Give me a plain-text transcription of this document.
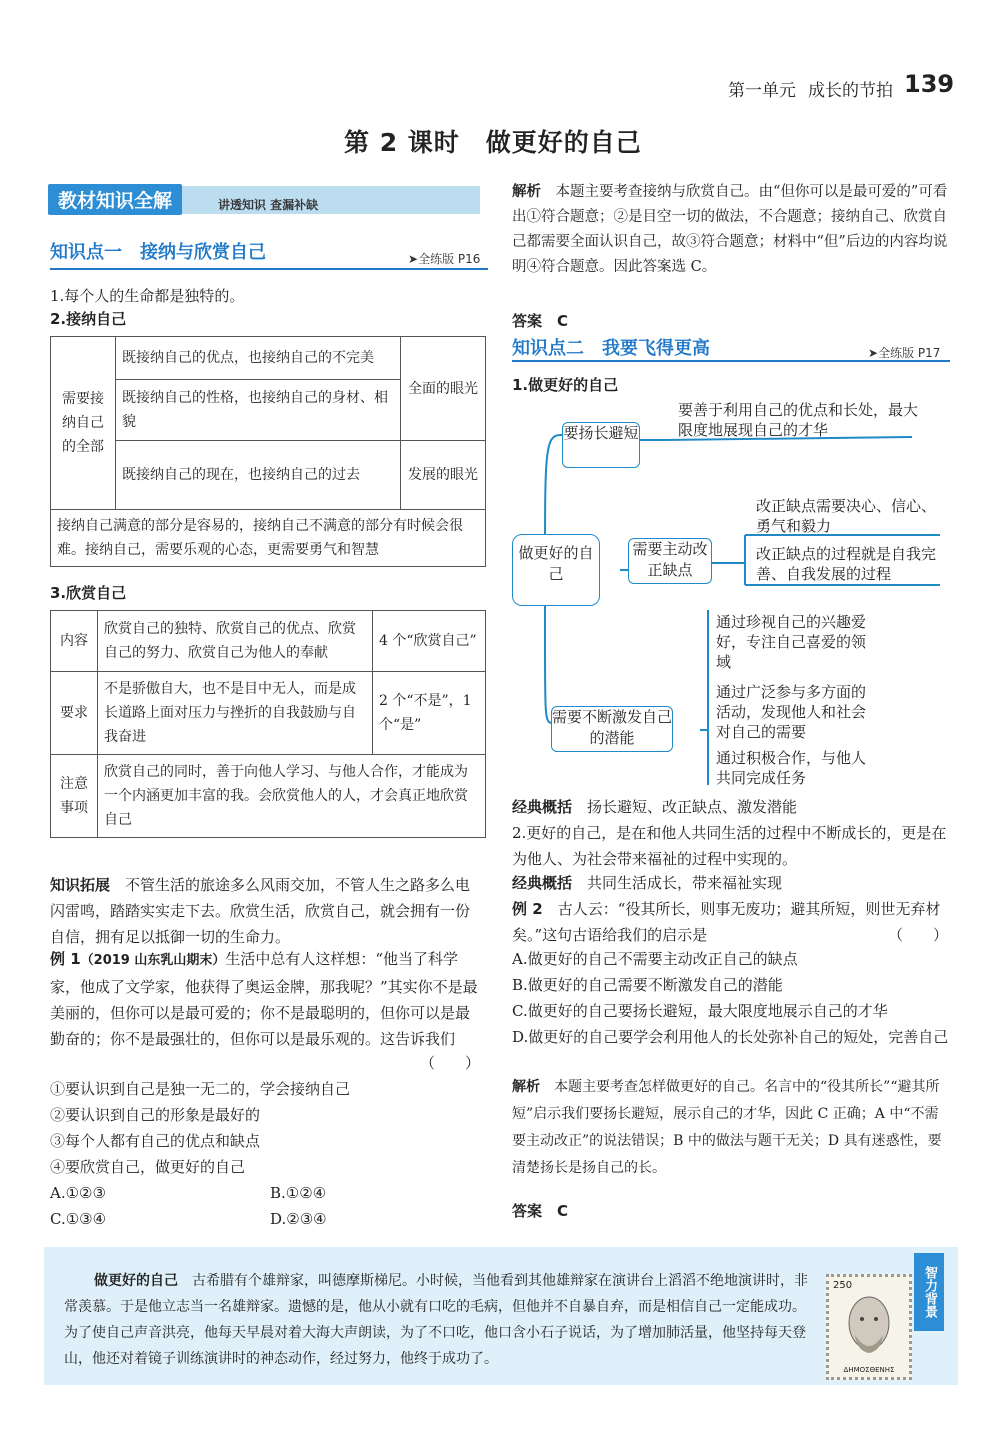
第一单元 成长的节拍 139
第 2 课时　做更好的自己
教材知识全解	讲透知识 查漏补缺
知识点一　接纳与欣赏自己	➤全练版 P16
1.每个人的生命都是独特的。
2.接纳自己
需要接纳自己的全部	既接纳自己的优点，也接纳自己的不完美	全面的眼光
	既接纳自己的性格，也接纳自己的身材、相貌	
	既接纳自己的现在，也接纳自己的过去	发展的眼光
接纳自己满意的部分是容易的，接纳自己不满意的部分有时候会很难。接纳自己，需要乐观的心态，更需要勇气和智慧		
3.欣赏自己
内容	欣赏自己的独特、欣赏自己的优点、欣赏自己的努力、欣赏自己为他人的奉献	4 个“欣赏自己”
要求	不是骄傲自大，也不是目中无人，而是成长道路上面对压力与挫折的自我鼓励与自我奋进	2 个“不是”，1 个“是”
注意事项	欣赏自己的同时，善于向他人学习、与他人合作，才能成为一个内涵更加丰富的我。会欣赏他人的人，才会真正地欣赏自己	
知识拓展　 不管生活的旅途多么风雨交加，不管人生之路多么电闪雷鸣，踏踏实实走下去。欣赏生活，欣赏自己，就会拥有一份自信，拥有足以抵御一切的生命力。
例 1（2019 山东乳山期末）生活中总有人这样想：“他当了科学家，他成了文学家，他获得了奥运金牌，那我呢？”其实你不是最美丽的，但你可以是最可爱的；你不是最聪明的，但你可以是最勤奋的；你不是最强壮的，但你可以是最乐观的。这告诉我们
（　　）
①要认识到自己是独一无二的，学会接纳自己
②要认识到自己的形象是最好的
③每个人都有自己的优点和缺点
④要欣赏自己，做更好的自己
A.①②③	B.①②④
C.①③④	D.②③④
解析　 本题主要考查接纳与欣赏自己。由“但你可以是最可爱的”可看出①符合题意；②是目空一切的做法，不合题意；接纳自己、欣赏自己都需要全面认识自己，故③符合题意；材料中“但”后边的内容均说明④符合题意。因此答案选 C。
答案　 C
知识点二　我要飞得更高	➤全练版 P17
1.做更好的自己
做更好的自己
要扬长避短
要善于利用自己的优点和长处，最大限度地展现自己的才华
需要主动改正缺点
改正缺点需要决心、信心、勇气和毅力
改正缺点的过程就是自我完善、自我发展的过程
需要不断激发自己的潜能
通过珍视自己的兴趣爱好，专注自己喜爱的领域
通过广泛参与多方面的活动，发现他人和社会对自己的需要
通过积极合作，与他人共同完成任务
经典概括　 扬长避短、改正缺点、激发潜能
2.更好的自己，是在和他人共同生活的过程中不断成长的，更是在为他人、为社会带来福祉的过程中实现的。
经典概括　 共同生活成长，带来福祉实现
例 2　 古人云：“役其所长，则事无废功；避其所短，则世无弃材矣。”这句古语给我们的启示是	（　　）
A.做更好的自己不需要主动改正自己的缺点
B.做更好的自己需要不断激发自己的潜能
C.做更好的自己要扬长避短，最大限度地展示自己的才华
D.做更好的自己要学会利用他人的长处弥补自己的短处，完善自己
解析　 本题主要考查怎样做更好的自己。名言中的“役其所长”“避其所短”启示我们要扬长避短，展示自己的才华，因此 C 正确；A 中“不需要主动改正”的说法错误；B 中的做法与题干无关；D 具有迷惑性，要清楚扬长是扬自己的长。
答案　 C
做更好的自己　 古希腊有个雄辩家，叫德摩斯梯尼。小时候，当他看到其他雄辩家在演讲台上滔滔不绝地演讲时，非常羡慕。于是他立志当一名雄辩家。遗憾的是，他从小就有口吃的毛病，但他并不自暴自弃，而是相信自己一定能成功。为了使自己声音洪亮，他每天早晨对着大海大声朗读，为了不口吃，他口含小石子说话，为了增加肺活量，他坚持每天登山，他还对着镜子训练演讲时的神态动作，经过努力，他终于成功了。
250
ΔΗΜΟΣΘΕΝΗΣ
智力背景
